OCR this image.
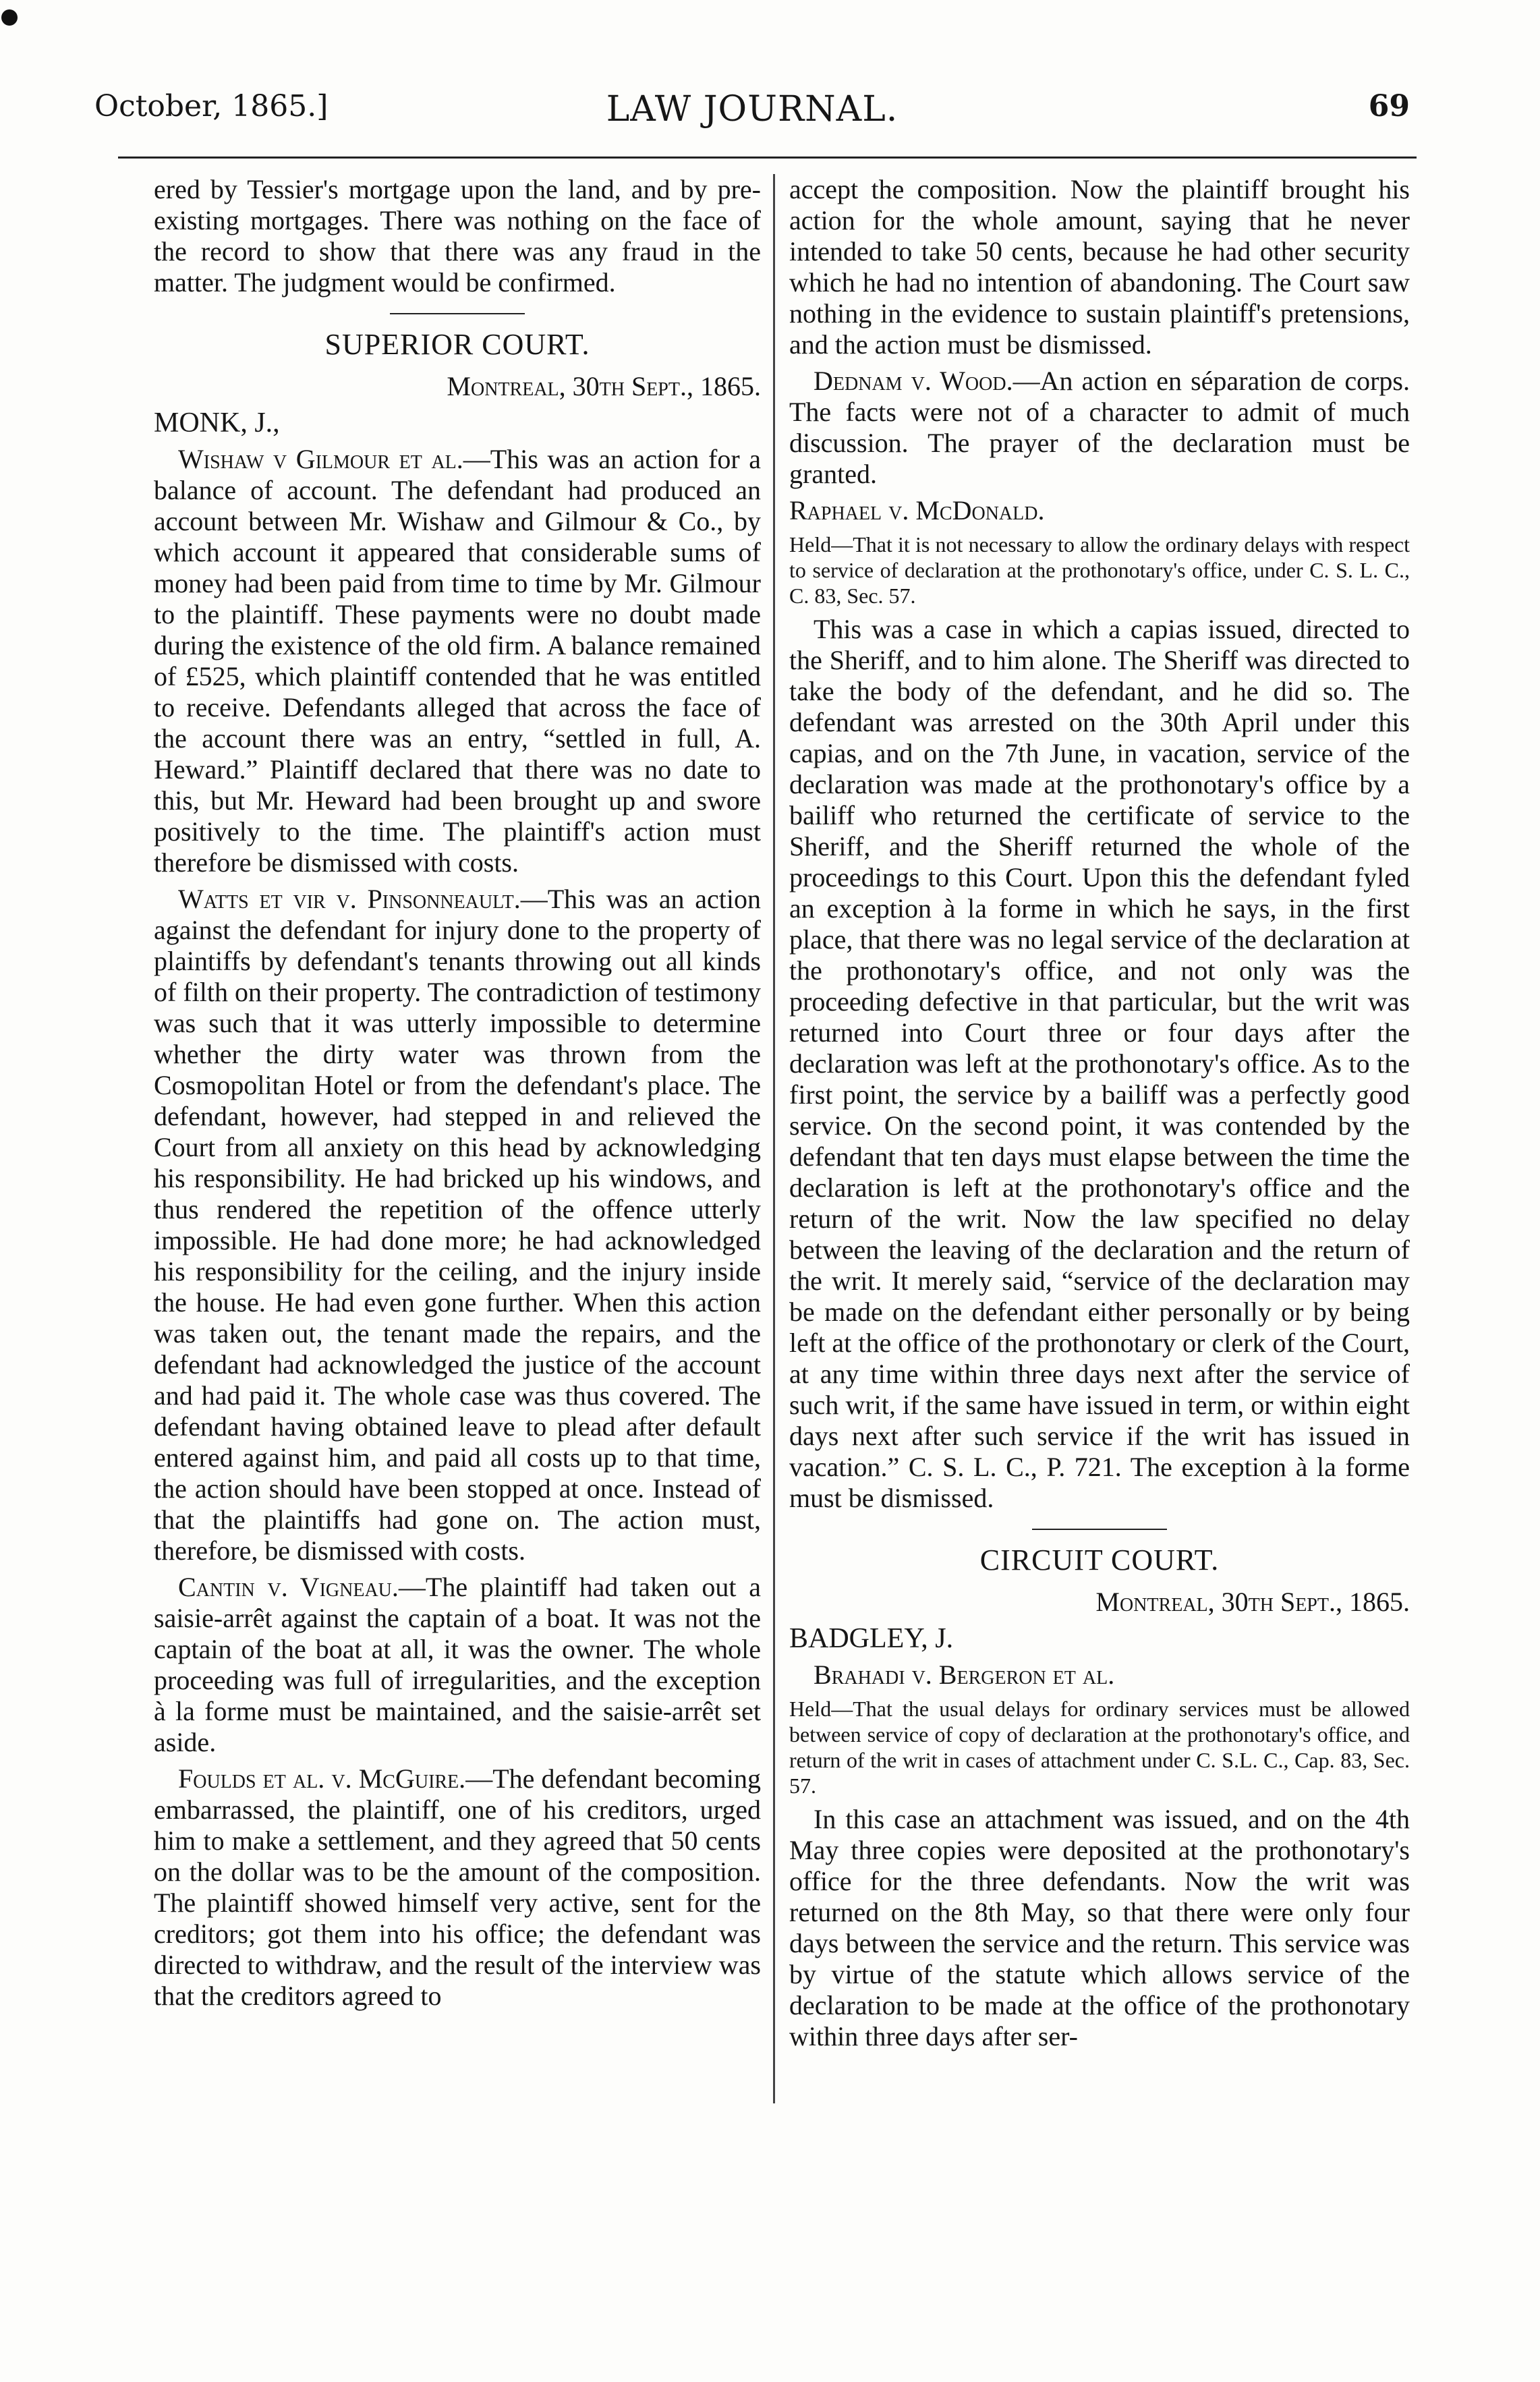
October, 1865.]	LAW JOURNAL.	69

ered by Tessier's mortgage upon the land, and by pre-existing mortgages. There was nothing on the face of the record to show that there was any fraud in the matter. The judgment would be confirmed.

SUPERIOR COURT.

Montreal, 30th Sept., 1865.

MONK, J.,

Wishaw v Gilmour et al.—This was an action for a balance of account. The defendant had produced an account between Mr. Wishaw and Gilmour & Co., by which account it appeared that considerable sums of money had been paid from time to time by Mr. Gilmour to the plaintiff. These payments were no doubt made during the existence of the old firm. A balance remained of £525, which plaintiff contended that he was entitled to receive. Defendants alleged that across the face of the account there was an entry, “settled in full, A. Heward.” Plaintiff declared that there was no date to this, but Mr. Heward had been brought up and swore positively to the time. The plaintiff's action must therefore be dismissed with costs.

Watts et vir v. Pinsonneault.—This was an action against the defendant for injury done to the property of plaintiffs by defendant's tenants throwing out all kinds of filth on their property. The contradiction of testimony was such that it was utterly impossible to determine whether the dirty water was thrown from the Cosmopolitan Hotel or from the defendant's place. The defendant, however, had stepped in and relieved the Court from all anxiety on this head by acknowledging his responsibility. He had bricked up his windows, and thus rendered the repetition of the offence utterly impossible. He had done more; he had acknowledged his responsibility for the ceiling, and the injury inside the house. He had even gone further. When this action was taken out, the tenant made the repairs, and the defendant had acknowledged the justice of the account and had paid it. The whole case was thus covered. The defendant having obtained leave to plead after default entered against him, and paid all costs up to that time, the action should have been stopped at once. Instead of that the plaintiffs had gone on. The action must, therefore, be dismissed with costs.

Cantin v. Vigneau.—The plaintiff had taken out a saisie-arrêt against the captain of a boat. It was not the captain of the boat at all, it was the owner. The whole proceeding was full of irregularities, and the exception à la forme must be maintained, and the saisie-arrêt set aside.

Foulds et al. v. McGuire.—The defendant becoming embarrassed, the plaintiff, one of his creditors, urged him to make a settlement, and they agreed that 50 cents on the dollar was to be the amount of the composition. The plaintiff showed himself very active, sent for the creditors; got them into his office; the defendant was directed to withdraw, and the result of the interview was that the creditors agreed to

accept the composition. Now the plaintiff brought his action for the whole amount, saying that he never intended to take 50 cents, because he had other security which he had no intention of abandoning. The Court saw nothing in the evidence to sustain plaintiff's pretensions, and the action must be dismissed.

Dednam v. Wood.—An action en séparation de corps. The facts were not of a character to admit of much discussion. The prayer of the declaration must be granted.

Raphael v. McDonald.

Held—That it is not necessary to allow the ordinary delays with respect to service of declaration at the prothonotary's office, under C. S. L. C., C. 83, Sec. 57.

This was a case in which a capias issued, directed to the Sheriff, and to him alone. The Sheriff was directed to take the body of the defendant, and he did so. The defendant was arrested on the 30th April under this capias, and on the 7th June, in vacation, service of the declaration was made at the prothonotary's office by a bailiff who returned the certificate of service to the Sheriff, and the Sheriff returned the whole of the proceedings to this Court. Upon this the defendant fyled an exception à la forme in which he says, in the first place, that there was no legal service of the declaration at the prothonotary's office, and not only was the proceeding defective in that particular, but the writ was returned into Court three or four days after the declaration was left at the prothonotary's office. As to the first point, the service by a bailiff was a perfectly good service. On the second point, it was contended by the defendant that ten days must elapse between the time the declaration is left at the prothonotary's office and the return of the writ. Now the law specified no delay between the leaving of the declaration and the return of the writ. It merely said, “service of the declaration may be made on the defendant either personally or by being left at the office of the prothonotary or clerk of the Court, at any time within three days next after the service of such writ, if the same have issued in term, or within eight days next after such service if the writ has issued in vacation.” C. S. L. C., P. 721. The exception à la forme must be dismissed.

CIRCUIT COURT.

Montreal, 30th Sept., 1865.

BADGLEY, J.

Brahadi v. Bergeron et al.

Held—That the usual delays for ordinary services must be allowed between service of copy of declaration at the prothonotary's office, and return of the writ in cases of attachment under C. S.L. C., Cap. 83, Sec. 57.

In this case an attachment was issued, and on the 4th May three copies were deposited at the prothonotary's office for the three defendants. Now the writ was returned on the 8th May, so that there were only four days between the service and the return. This service was by virtue of the statute which allows service of the declaration to be made at the office of the prothonotary within three days after ser-
